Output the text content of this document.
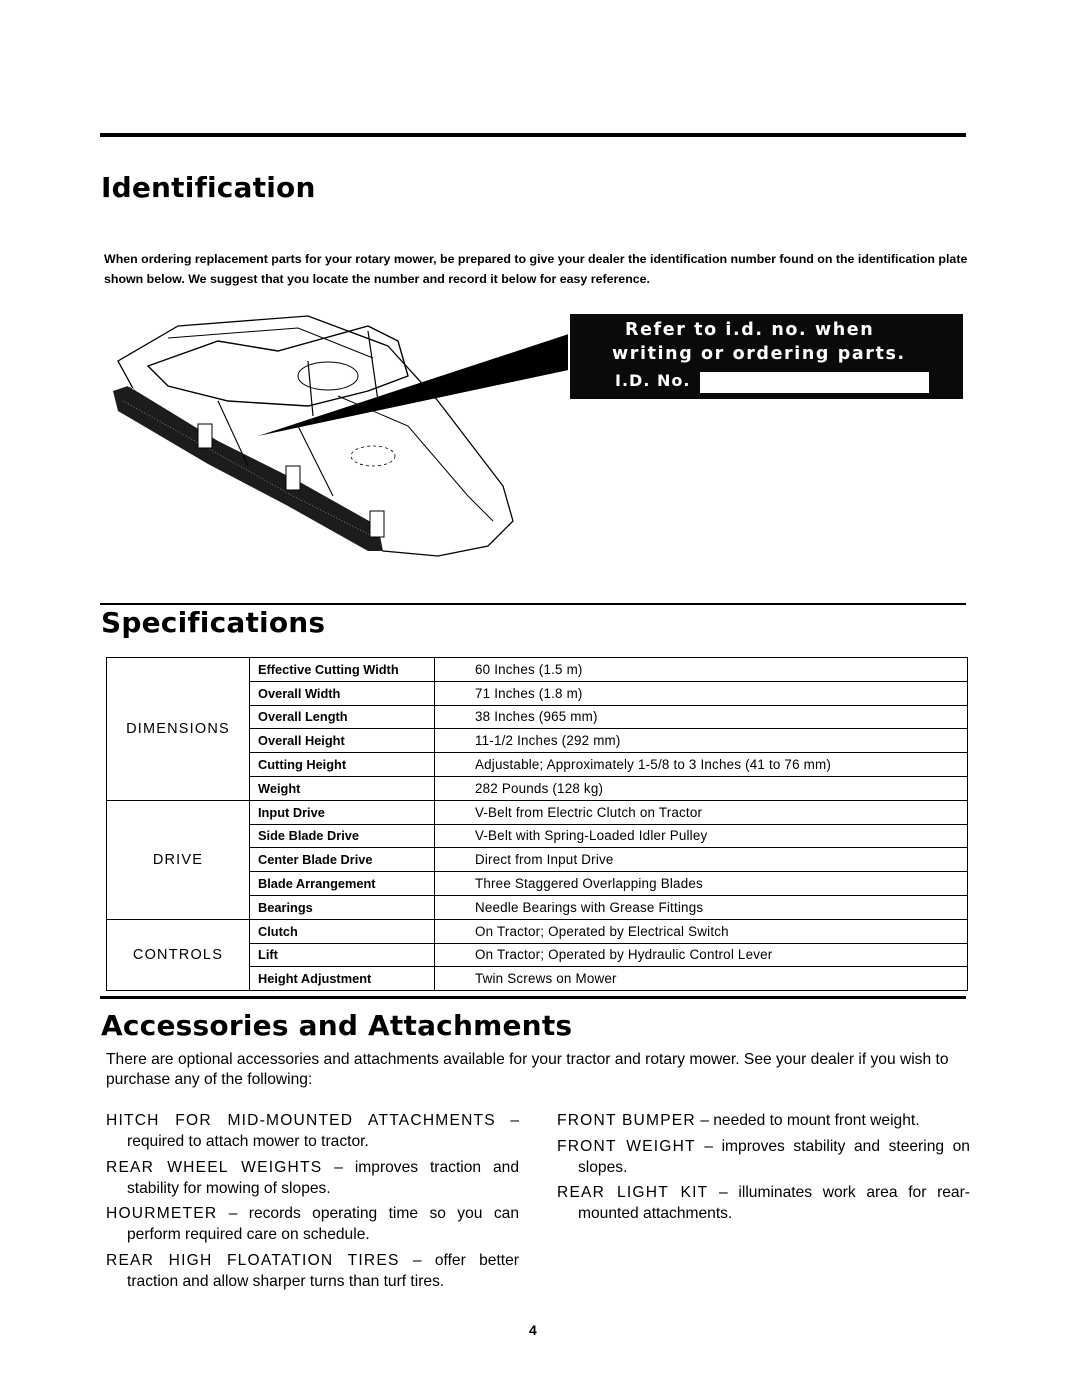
Identification
When ordering replacement parts for your rotary mower, be prepared to give your dealer the identification number found on the identification plate shown below. We suggest that you locate the number and record it below for easy reference.
Refer to i.d. no. when
writing or ordering parts.
I.D. No.
Specifications
DIMENSIONS	Effective Cutting Width	60 Inches (1.5 m)
	Overall Width	71 Inches (1.8 m)
	Overall Length	38 Inches (965 mm)
	Overall Height	11-1/2 Inches (292 mm)
	Cutting Height	Adjustable; Approximately 1-5/8 to 3 Inches (41 to 76 mm)
	Weight	282 Pounds (128 kg)
DRIVE	Input Drive	V-Belt from Electric Clutch on Tractor
	Side Blade Drive	V-Belt with Spring-Loaded Idler Pulley
	Center Blade Drive	Direct from Input Drive
	Blade Arrangement	Three Staggered Overlapping Blades
	Bearings	Needle Bearings with Grease Fittings
CONTROLS	Clutch	On Tractor; Operated by Electrical Switch
	Lift	On Tractor; Operated by Hydraulic Control Lever
	Height Adjustment	Twin Screws on Mower
Accessories and Attachments
There are optional accessories and attachments available for your tractor and rotary mower. See your dealer if you wish to purchase any of the following:

HITCH FOR MID-MOUNTED ATTACHMENTS – required to attach mower to tractor.

REAR WHEEL WEIGHTS – improves traction and stability for mowing of slopes.

HOURMETER – records operating time so you can perform required care on schedule.

REAR HIGH FLOATATION TIRES – offer better traction and allow sharper turns than turf tires.

FRONT BUMPER – needed to mount front weight.

FRONT WEIGHT – improves stability and steering on slopes.

REAR LIGHT KIT – illuminates work area for rear-mounted attachments.

4
